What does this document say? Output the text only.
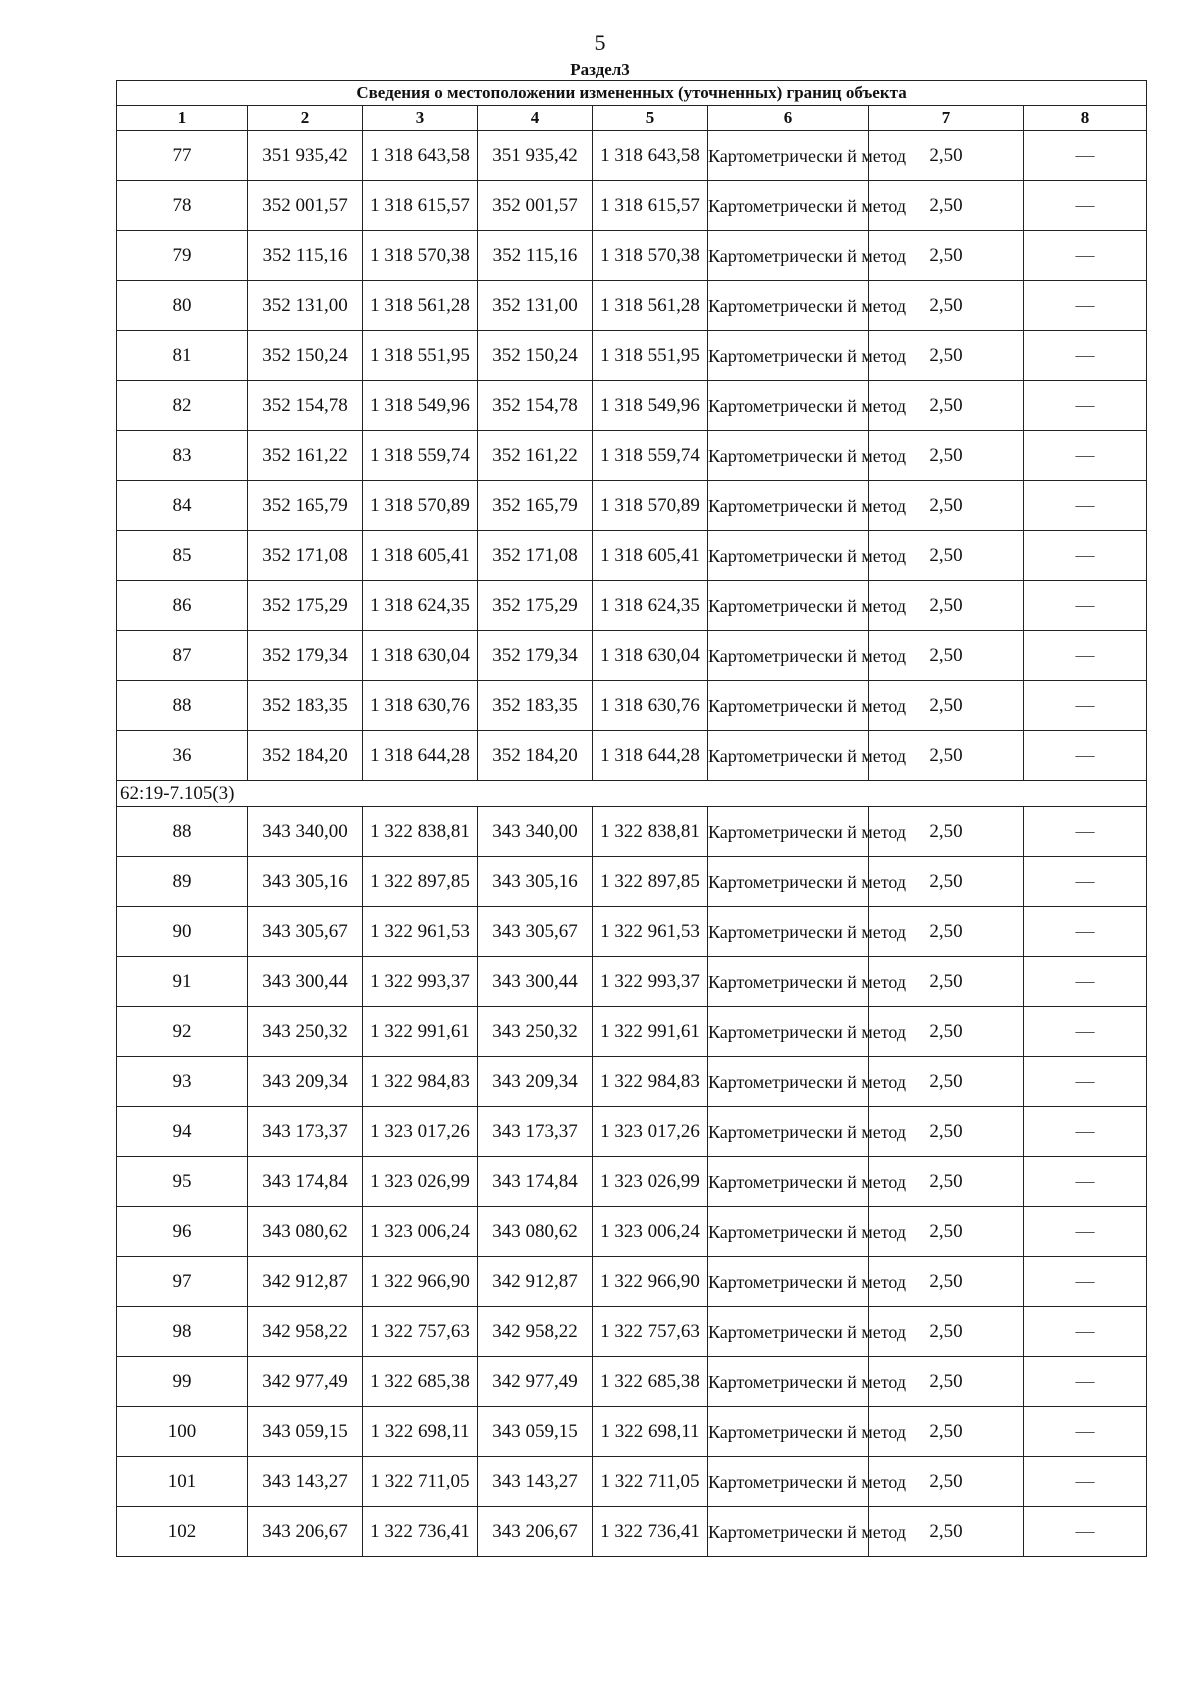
5
Раздел3
Сведения о местоположении измененных (уточненных) границ объекта							
1	2	3	4	5	6	7	8
77	351 935,42	1 318 643,58	351 935,42	1 318 643,58	Картометрически й метод	2,50	—
78	352 001,57	1 318 615,57	352 001,57	1 318 615,57	Картометрически й метод	2,50	—
79	352 115,16	1 318 570,38	352 115,16	1 318 570,38	Картометрически й метод	2,50	—
80	352 131,00	1 318 561,28	352 131,00	1 318 561,28	Картометрически й метод	2,50	—
81	352 150,24	1 318 551,95	352 150,24	1 318 551,95	Картометрически й метод	2,50	—
82	352 154,78	1 318 549,96	352 154,78	1 318 549,96	Картометрически й метод	2,50	—
83	352 161,22	1 318 559,74	352 161,22	1 318 559,74	Картометрически й метод	2,50	—
84	352 165,79	1 318 570,89	352 165,79	1 318 570,89	Картометрически й метод	2,50	—
85	352 171,08	1 318 605,41	352 171,08	1 318 605,41	Картометрически й метод	2,50	—
86	352 175,29	1 318 624,35	352 175,29	1 318 624,35	Картометрически й метод	2,50	—
87	352 179,34	1 318 630,04	352 179,34	1 318 630,04	Картометрически й метод	2,50	—
88	352 183,35	1 318 630,76	352 183,35	1 318 630,76	Картометрически й метод	2,50	—
36	352 184,20	1 318 644,28	352 184,20	1 318 644,28	Картометрически й метод	2,50	—
62:19-7.105(3)							
88	343 340,00	1 322 838,81	343 340,00	1 322 838,81	Картометрически й метод	2,50	—
89	343 305,16	1 322 897,85	343 305,16	1 322 897,85	Картометрически й метод	2,50	—
90	343 305,67	1 322 961,53	343 305,67	1 322 961,53	Картометрически й метод	2,50	—
91	343 300,44	1 322 993,37	343 300,44	1 322 993,37	Картометрически й метод	2,50	—
92	343 250,32	1 322 991,61	343 250,32	1 322 991,61	Картометрически й метод	2,50	—
93	343 209,34	1 322 984,83	343 209,34	1 322 984,83	Картометрически й метод	2,50	—
94	343 173,37	1 323 017,26	343 173,37	1 323 017,26	Картометрически й метод	2,50	—
95	343 174,84	1 323 026,99	343 174,84	1 323 026,99	Картометрически й метод	2,50	—
96	343 080,62	1 323 006,24	343 080,62	1 323 006,24	Картометрически й метод	2,50	—
97	342 912,87	1 322 966,90	342 912,87	1 322 966,90	Картометрически й метод	2,50	—
98	342 958,22	1 322 757,63	342 958,22	1 322 757,63	Картометрически й метод	2,50	—
99	342 977,49	1 322 685,38	342 977,49	1 322 685,38	Картометрически й метод	2,50	—
100	343 059,15	1 322 698,11	343 059,15	1 322 698,11	Картометрически й метод	2,50	—
101	343 143,27	1 322 711,05	343 143,27	1 322 711,05	Картометрически й метод	2,50	—
102	343 206,67	1 322 736,41	343 206,67	1 322 736,41	Картометрически й метод	2,50	—
